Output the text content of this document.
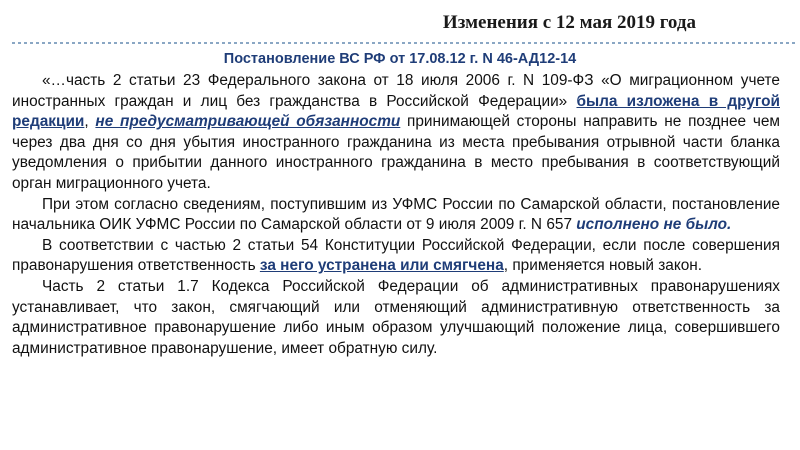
Изменения с 12 мая 2019 года
Постановление ВС РФ от 17.08.12 г. N 46-АД12-14

«…часть 2 статьи 23 Федерального закона от 18 июля 2006 г. N 109-ФЗ «О миграционном учете иностранных граждан и лиц без гражданства в Российской Федерации» была изложена в другой редакции, не предусматривающей обязанности принимающей стороны направить не позднее чем через два дня со дня убытия иностранного гражданина из места пребывания отрывной части бланка уведомления о прибытии данного иностранного гражданина в место пребывания в соответствующий орган миграционного учета.

При этом согласно сведениям, поступившим из УФМС России по Самарской области, постановление начальника ОИК УФМС России по Самарской области от 9 июля 2009 г. N 657 исполнено не было.

В соответствии с частью 2 статьи 54 Конституции Российской Федерации, если после совершения правонарушения ответственность за него устранена или смягчена, применяется новый закон.

Часть 2 статьи 1.7 Кодекса Российской Федерации об административных правонарушениях устанавливает, что закон, смягчающий или отменяющий административную ответственность за административное правонарушение либо иным образом улучшающий положение лица, совершившего административное правонарушение, имеет обратную силу.
